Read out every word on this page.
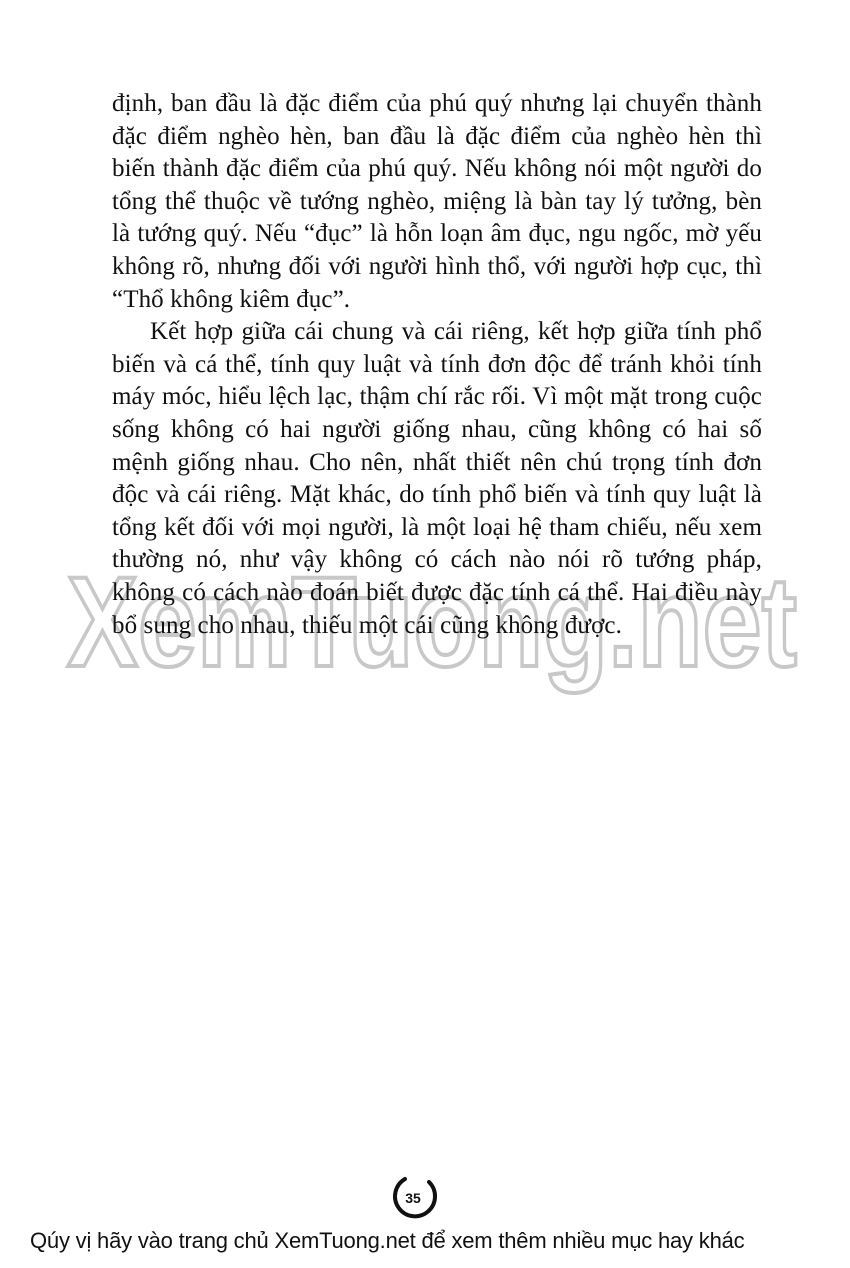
XemTuong.net

định, ban đầu là đặc điểm của phú quý nhưng lại chuyển thành đặc điểm nghèo hèn, ban đầu là đặc điểm của nghèo hèn thì biến thành đặc điểm của phú quý. Nếu không nói một người do tổng thể thuộc về tướng nghèo, miệng là bàn tay lý tưởng, bèn là tướng quý. Nếu “đục” là hỗn loạn âm đục, ngu ngốc, mờ yếu không rõ, nhưng đối với người hình thổ, với người hợp cục, thì “Thổ không kiêm đục”.

Kết hợp giữa cái chung và cái riêng, kết hợp giữa tính phổ biến và cá thể, tính quy luật và tính đơn độc để tránh khỏi tính máy móc, hiểu lệch lạc, thậm chí rắc rối. Vì một mặt trong cuộc sống không có hai người giống nhau, cũng không có hai số mệnh giống nhau. Cho nên, nhất thiết nên chú trọng tính đơn độc và cái riêng. Mặt khác, do tính phổ biến và tính quy luật là tổng kết đối với mọi người, là một loại hệ tham chiếu, nếu xem thường nó, như vậy không có cách nào nói rõ tướng pháp, không có cách nào đoán biết được đặc tính cá thể. Hai điều này bổ sung cho nhau, thiếu một cái cũng không được.

35
Qúy vị hãy vào trang chủ XemTuong.net để xem thêm nhiều mục hay khác
